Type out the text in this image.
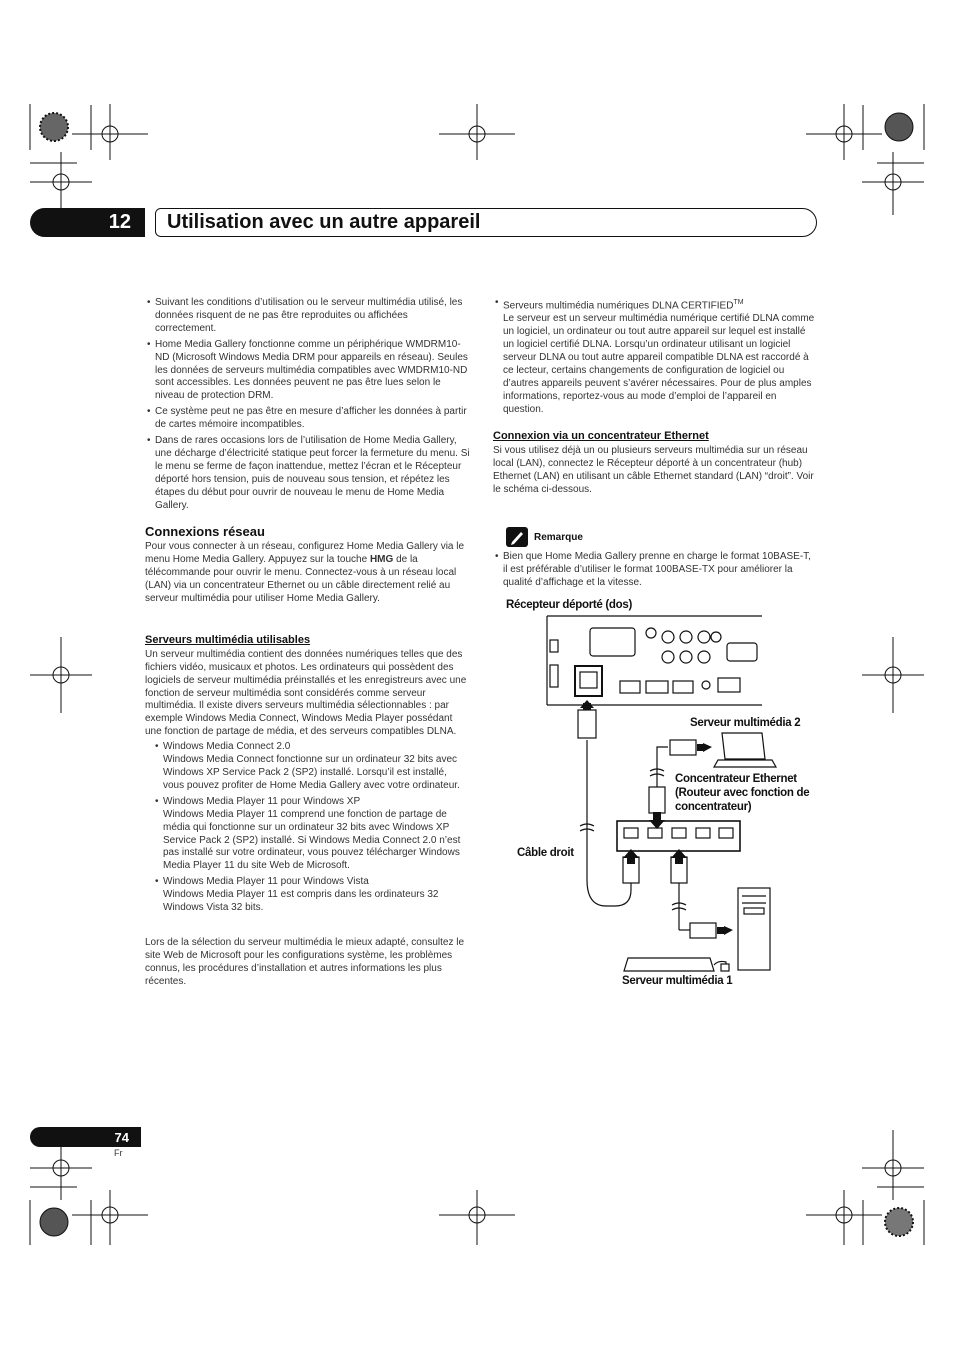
12	Utilisation avec un autre appareil
• Suivant les conditions d’utilisation ou le serveur multimédia utilisé, les données risquent de ne pas être reproduites ou affichées correctement.
• Home Media Gallery fonctionne comme un périphérique WMDRM10-ND (Microsoft Windows Media DRM pour appareils en réseau). Seules les données de serveurs multimédia compatibles avec WMDRM10-ND sont accessibles. Les données peuvent ne pas être lues selon le niveau de protection DRM.
• Ce système peut ne pas être en mesure d’afficher les données à partir de cartes mémoire incompatibles.
• Dans de rares occasions lors de l’utilisation de Home Media Gallery, une décharge d’électricité statique peut forcer la fermeture du menu. Si le menu se ferme de façon inattendue, mettez l’écran et le Récepteur déporté hors tension, puis de nouveau sous tension, et répétez les étapes du début pour ouvrir de nouveau le menu de Home Media Gallery.
Connexions réseau

Pour vous connecter à un réseau, configurez Home Media Gallery via le menu Home Media Gallery. Appuyez sur la touche HMG de la télécommande pour ouvrir le menu. Connectez-vous à un réseau local (LAN) via un concentrateur Ethernet ou un câble directement relié au serveur multimédia pour utiliser Home Media Gallery.

Serveurs multimédia utilisables

Un serveur multimédia contient des données numériques telles que des fichiers vidéo, musicaux et photos. Les ordinateurs qui possèdent des logiciels de serveur multimédia préinstallés et les enregistreurs avec une fonction de serveur multimédia sont considérés comme serveur multimédia. Il existe divers serveurs multimédia sélectionnables : par exemple Windows Media Connect, Windows Media Player possédant une fonction de partage de média, et des serveurs compatibles DLNA.

• Windows Media Connect 2.0
Windows Media Connect fonctionne sur un ordinateur 32 bits avec Windows XP Service Pack 2 (SP2) installé. Lorsqu’il est installé, vous pouvez profiter de Home Media Gallery avec votre ordinateur.
• Windows Media Player 11 pour Windows XP
Windows Media Player 11 comprend une fonction de partage de média qui fonctionne sur un ordinateur 32 bits avec Windows XP Service Pack 2 (SP2) installé. Si Windows Media Connect 2.0 n’est pas installé sur votre ordinateur, vous pouvez télécharger Windows Media Player 11 du site Web de Microsoft.
• Windows Media Player 11 pour Windows Vista
Windows Media Player 11 est compris dans les ordinateurs 32 Windows Vista 32 bits.

Lors de la sélection du serveur multimédia le mieux adapté, consultez le site Web de Microsoft pour les configurations système, les problèmes connus, les procédures d’installation et autres informations les plus récentes.

• Serveurs multimédia numériques DLNA CERTIFIED™
Le serveur est un serveur multimédia numérique certifié DLNA comme un logiciel, un ordinateur ou tout autre appareil sur lequel est installé un logiciel certifié DLNA. Lorsqu’un ordinateur utilisant un logiciel serveur DLNA ou tout autre appareil compatible DLNA est raccordé à ce lecteur, certains changements de configuration de logiciel ou d’autres appareils peuvent s’avérer nécessaires. Pour de plus amples informations, reportez-vous au mode d’emploi de l’appareil en question.
Connexion via un concentrateur Ethernet

Si vous utilisez déjà un ou plusieurs serveurs multimédia sur un réseau local (LAN), connectez le Récepteur déporté à un concentrateur (hub) Ethernet (LAN) en utilisant un câble Ethernet standard (LAN) “droit”. Voir le schéma ci-dessous.

Remarque
• Bien que Home Media Gallery prenne en charge le format 10BASE-T, il est préférable d’utiliser le format 100BASE-TX pour améliorer la qualité d’affichage et la vitesse.
Récepteur déporté (dos)
Serveur multimédia 2
Concentrateur Ethernet
(Routeur avec fonction de
concentrateur)
Câble droit
Serveur multimédia 1
74
Fr
